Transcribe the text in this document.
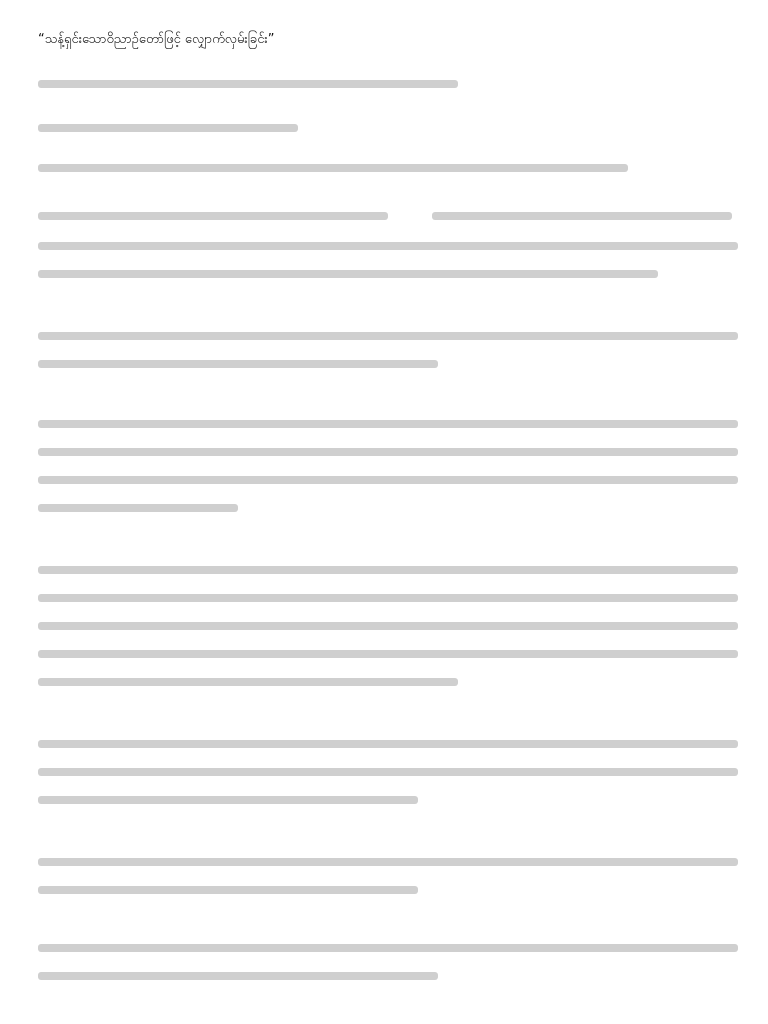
“သန့်ရှင်းသောဝိညာဉ်တော်ဖြင့် လျှောက်လှမ်းခြင်း”
